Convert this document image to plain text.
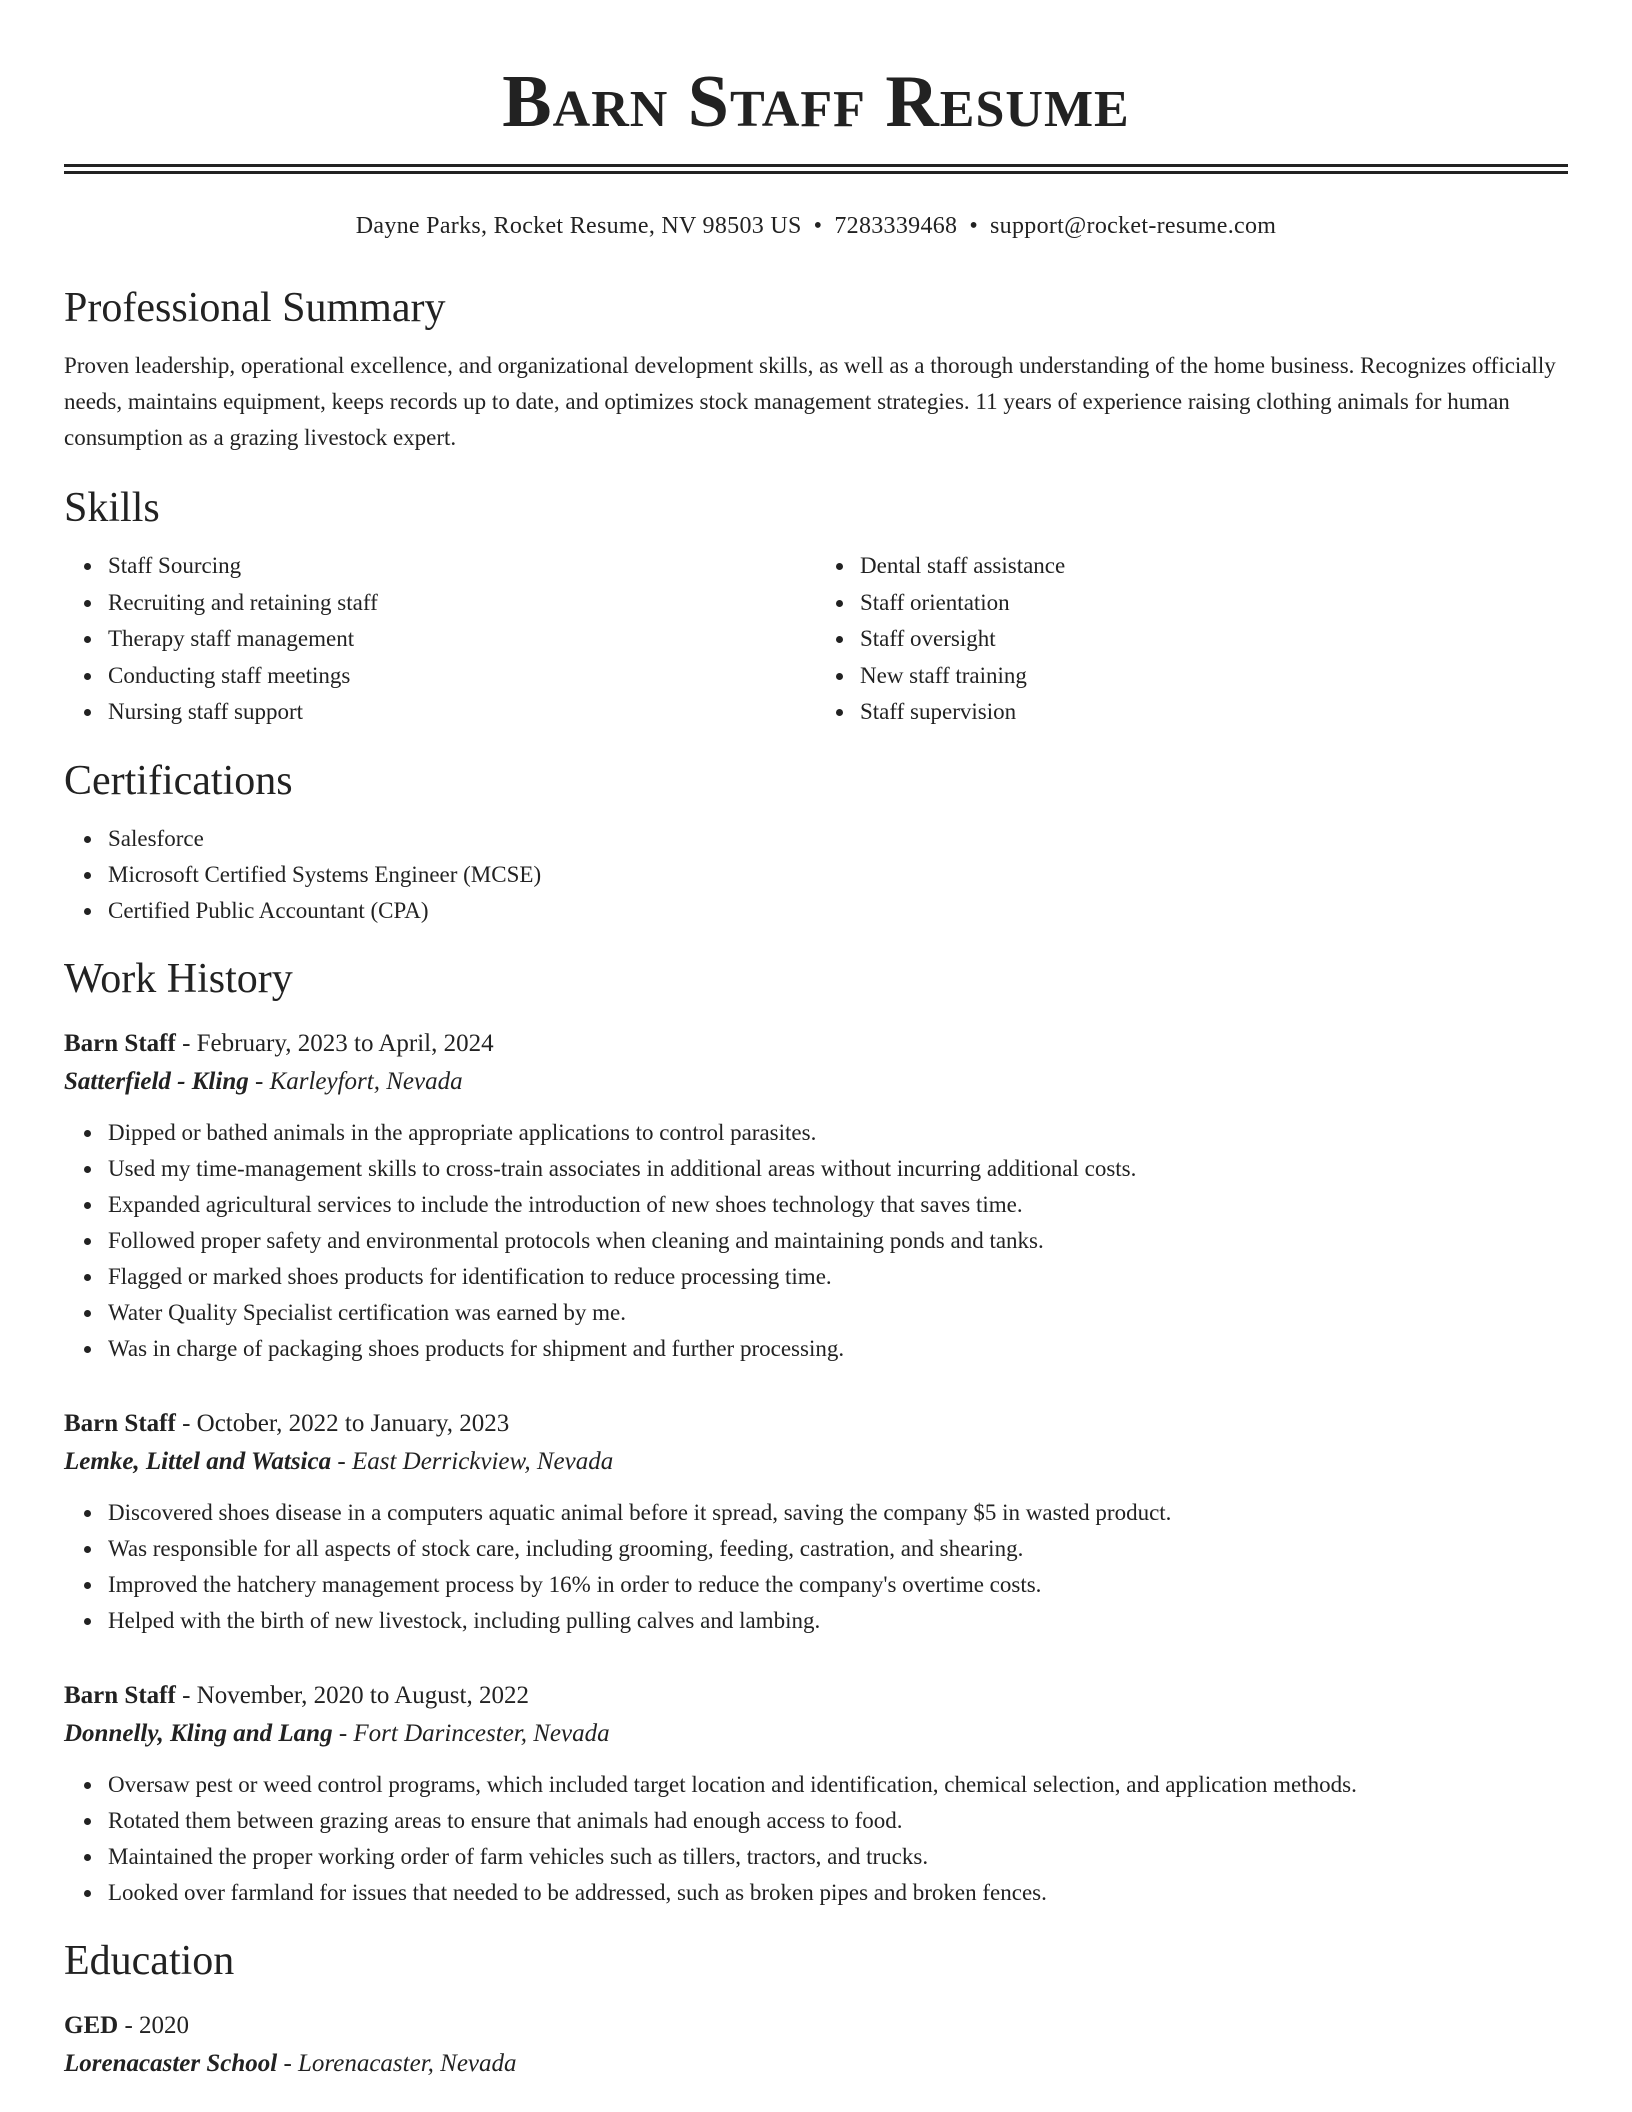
Barn Staff Resume
Dayne Parks, Rocket Resume, NV 98503 US • 7283339468 • support@rocket-resume.com
Professional Summary

Proven leadership, operational excellence, and organizational development skills, as well as a thorough understanding of the home business. Recognizes officially needs, maintains equipment, keeps records up to date, and optimizes stock management strategies. 11 years of experience raising clothing animals for human consumption as a grazing livestock expert.

Skills
Staff Sourcing
Recruiting and retaining staff
Therapy staff management
Conducting staff meetings
Nursing staff support
Dental staff assistance
Staff orientation
Staff oversight
New staff training
Staff supervision
Certifications
Salesforce
Microsoft Certified Systems Engineer (MCSE)
Certified Public Accountant (CPA)
Work History
Barn Staff - February, 2023 to April, 2024
Satterfield - Kling - Karleyfort, Nevada
Dipped or bathed animals in the appropriate applications to control parasites.
Used my time-management skills to cross-train associates in additional areas without incurring additional costs.
Expanded agricultural services to include the introduction of new shoes technology that saves time.
Followed proper safety and environmental protocols when cleaning and maintaining ponds and tanks.
Flagged or marked shoes products for identification to reduce processing time.
Water Quality Specialist certification was earned by me.
Was in charge of packaging shoes products for shipment and further processing.
Barn Staff - October, 2022 to January, 2023
Lemke, Littel and Watsica - East Derrickview, Nevada
Discovered shoes disease in a computers aquatic animal before it spread, saving the company $5 in wasted product.
Was responsible for all aspects of stock care, including grooming, feeding, castration, and shearing.
Improved the hatchery management process by 16% in order to reduce the company's overtime costs.
Helped with the birth of new livestock, including pulling calves and lambing.
Barn Staff - November, 2020 to August, 2022
Donnelly, Kling and Lang - Fort Darincester, Nevada
Oversaw pest or weed control programs, which included target location and identification, chemical selection, and application methods.
Rotated them between grazing areas to ensure that animals had enough access to food.
Maintained the proper working order of farm vehicles such as tillers, tractors, and trucks.
Looked over farmland for issues that needed to be addressed, such as broken pipes and broken fences.
Education
GED - 2020
Lorenacaster School - Lorenacaster, Nevada
